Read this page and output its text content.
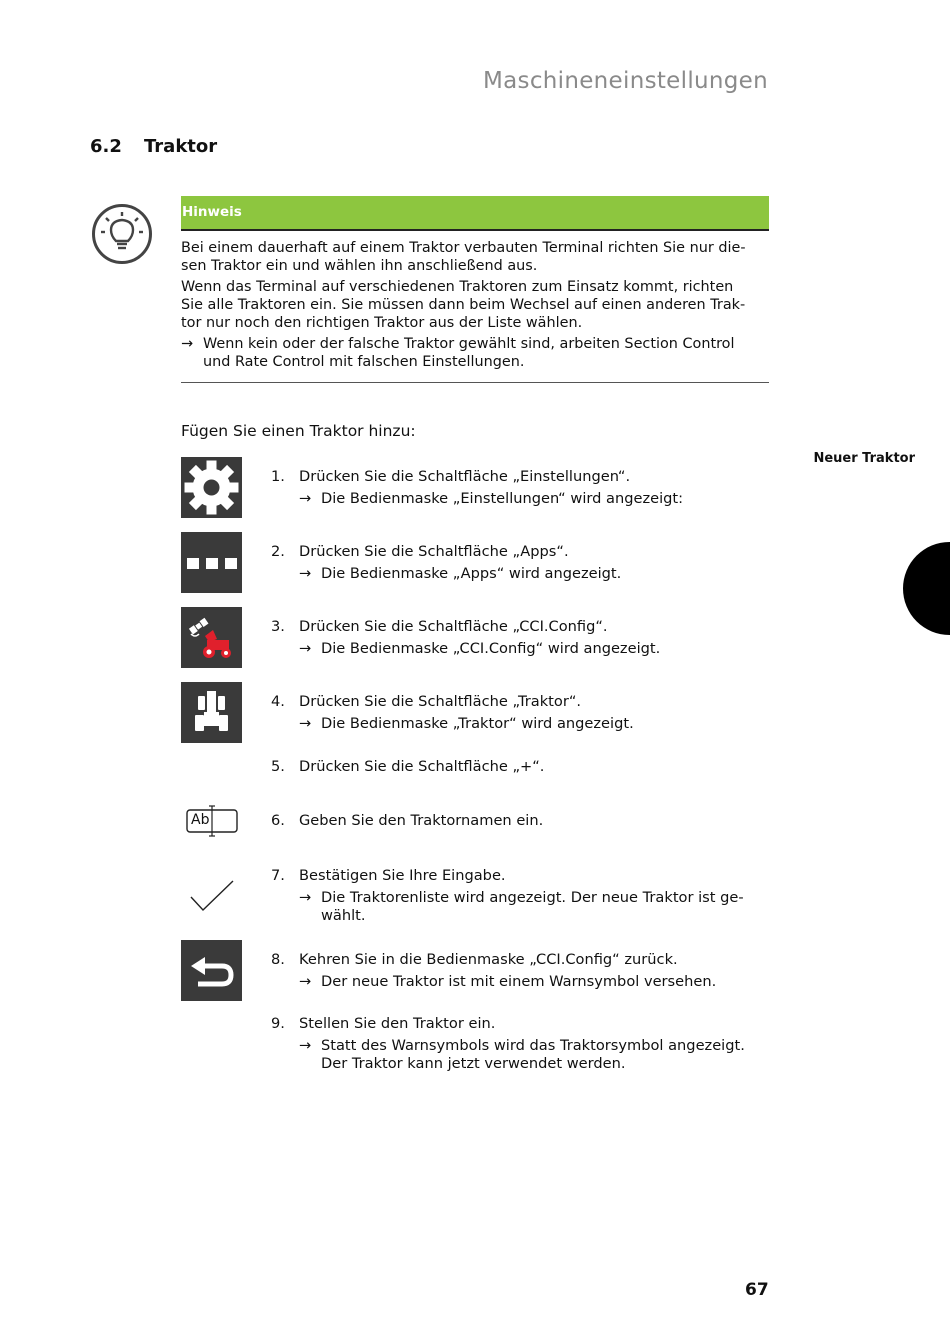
Maschineneinstellungen
6.2 Traktor
Hinweis

Bei einem dauerhaft auf einem Traktor verbauten Terminal richten Sie nur die-
sen Traktor ein und wählen ihn anschließend aus.

Wenn das Terminal auf verschiedenen Traktoren zum Einsatz kommt, richten
Sie alle Traktoren ein. Sie müssen dann beim Wechsel auf einen anderen Trak-
tor nur noch den richtigen Traktor aus der Liste wählen.

→ Wenn kein oder der falsche Traktor gewählt sind, arbeiten Section Control
und Rate Control mit falschen Einstellungen.
Fügen Sie einen Traktor hinzu:
Neuer Traktor
Ab
1. Drücken Sie die Schaltfläche „Einstellungen“.
→ Die Bedienmaske „Einstellungen“ wird angezeigt:
2. Drücken Sie die Schaltfläche „Apps“.
→ Die Bedienmaske „Apps“ wird angezeigt.
3. Drücken Sie die Schaltfläche „CCI.Config“.
→ Die Bedienmaske „CCI.Config“ wird angezeigt.
4. Drücken Sie die Schaltfläche „Traktor“.
→ Die Bedienmaske „Traktor“ wird angezeigt.
5. Drücken Sie die Schaltfläche „+“.
6. Geben Sie den Traktornamen ein.
7. Bestätigen Sie Ihre Eingabe.
→ Die Traktorenliste wird angezeigt. Der neue Traktor ist ge-
wählt.
8. Kehren Sie in die Bedienmaske „CCI.Config“ zurück.
→ Der neue Traktor ist mit einem Warnsymbol versehen.
9. Stellen Sie den Traktor ein.
→ Statt des Warnsymbols wird das Traktorsymbol angezeigt.
Der Traktor kann jetzt verwendet werden.
67
